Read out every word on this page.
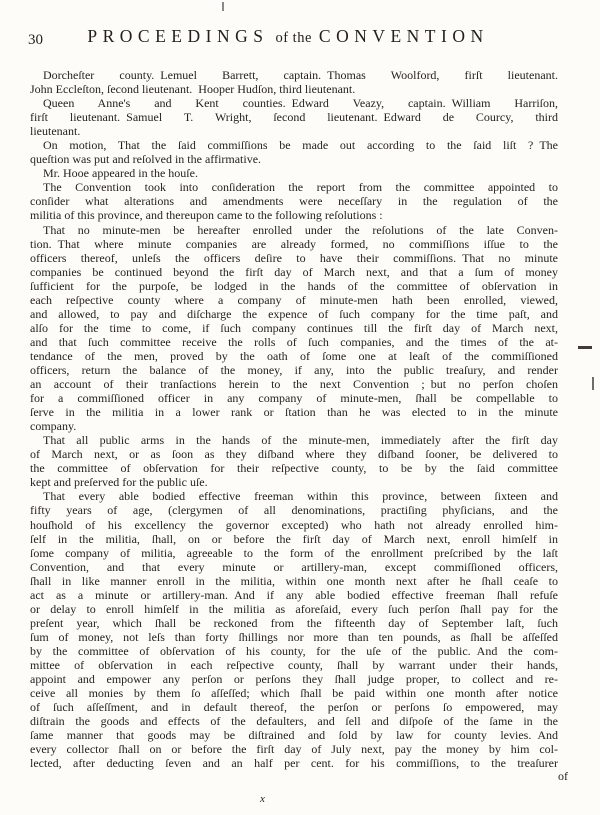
30	PROCEEDINGS of the CONVENTION
Dorcheſter county. Lemuel Barrett, captain. Thomas Woolford, firſt lieutenant.
John Eccleſton, ſecond lieutenant. Hooper Hudſon, third lieutenant.
Queen Anne's and Kent counties. Edward Veazy, captain. William Harriſon,
firſt lieutenant. Samuel T. Wright, ſecond lieutenant. Edward de Courcy, third
lieutenant.
On motion, That the ſaid commiſſions be made out according to the ſaid liſt ? The
queſtion was put and reſolved in the affirmative.
Mr. Hooe appeared in the houſe.
The Convention took into conſideration the report from the committee appointed to
conſider what alterations and amendments were neceſſary in the regulation of the
militia of this province, and thereupon came to the following reſolutions :
That no minute-men be hereafter enrolled under the reſolutions of the late Conven-
tion. That where minute companies are already formed, no commiſſions iſſue to the
officers thereof, unleſs the officers deſire to have their commiſſions. That no minute
companies be continued beyond the firſt day of March next, and that a ſum of money
ſufficient for the purpoſe, be lodged in the hands of the committee of obſervation in
each reſpective county where a company of minute-men hath been enrolled, viewed,
and allowed, to pay and diſcharge the expence of ſuch company for the time paſt, and
alſo for the time to come, if ſuch company continues till the firſt day of March next,
and that ſuch committee receive the rolls of ſuch companies, and the times of the at-
tendance of the men, proved by the oath of ſome one at leaſt of the commiſſioned
officers, return the balance of the money, if any, into the public treaſury, and render
an account of their tranſactions herein to the next Convention ; but no perſon choſen
for a commiſſioned officer in any company of minute-men, ſhall be compellable to
ſerve in the militia in a lower rank or ſtation than he was elected to in the minute
company.
That all public arms in the hands of the minute-men, immediately after the firſt day
of March next, or as ſoon as they diſband where they diſband ſooner, be delivered to
the committee of obſervation for their reſpective county, to be by the ſaid committee
kept and preſerved for the public uſe.
That every able bodied effective freeman within this province, between ſixteen and
fifty years of age, (clergymen of all denominations, practiſing phyſicians, and the
houſhold of his excellency the governor excepted) who hath not already enrolled him-
ſelf in the militia, ſhall, on or before the firſt day of March next, enroll himſelf in
ſome company of militia, agreeable to the form of the enrollment preſcribed by the laſt
Convention, and that every minute or artillery-man, except commiſſioned officers,
ſhall in like manner enroll in the militia, within one month next after he ſhall ceaſe to
act as a minute or artillery-man. And if any able bodied effective freeman ſhall refuſe
or delay to enroll himſelf in the militia as aforeſaid, every ſuch perſon ſhall pay for the
preſent year, which ſhall be reckoned from the fifteenth day of September laſt, ſuch
ſum of money, not leſs than forty ſhillings nor more than ten pounds, as ſhall be aſſeſſed
by the committee of obſervation of his county, for the uſe of the public. And the com-
mittee of obſervation in each reſpective county, ſhall by warrant under their hands,
appoint and empower any perſon or perſons they ſhall judge proper, to collect and re-
ceive all monies by them ſo aſſeſſed; which ſhall be paid within one month after notice
of ſuch aſſeſſment, and in default thereof, the perſon or perſons ſo empowered, may
diſtrain the goods and effects of the defaulters, and ſell and diſpoſe of the ſame in the
ſame manner that goods may be diſtrained and ſold by law for county levies. And
every collector ſhall on or before the firſt day of July next, pay the money by him col-
lected, after deducting ſeven and an half per cent. for his commiſſions, to the treaſurer
of
x
